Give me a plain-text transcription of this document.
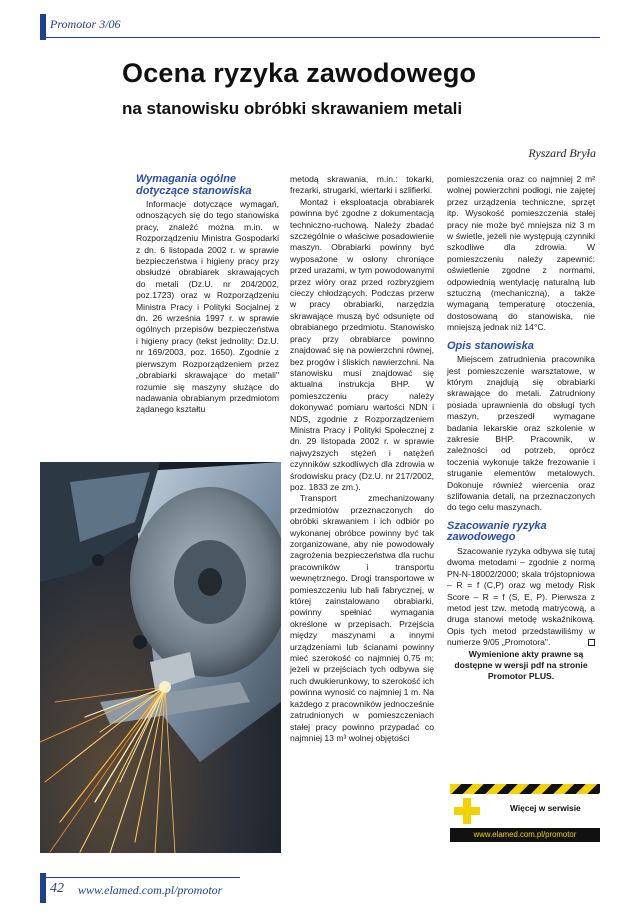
Promotor 3/06
Ocena ryzyka zawodowego
na stanowisku obróbki skrawaniem metali
Ryszard Bryła
Wymagania ogólne dotyczące stanowiska

Informacje dotyczące wymagań, odnoszących się do tego stanowiska pracy, znaleźć można m.in. w Rozporządzeniu Ministra Gospodarki z dn. 6 listopada 2002 r. w sprawie bezpieczeństwa i higieny pracy przy obsłudze obrabiarek skrawających do metali (Dz.U. nr 204/2002, poz.1723) oraz w Rozporządzeniu Ministra Pracy i Polityki Socjalnej z dn. 26 września 1997 r. w sprawie ogólnych przepisów bezpieczeństwa i higieny pracy (tekst jednolity: Dz.U. nr 169/2003, poz. 1650). Zgodnie z pierwszym Rozporządzeniem przez „obrabiarki skrawające do metali" rozumie się maszyny służące do nadawania obrabianym przedmiotom żądanego kształtu

metodą skrawania, m.in.: tokarki, frezarki, strugarki, wiertarki i szlifierki.

Montaż i eksploatacja obrabiarek powinna być zgodne z dokumentacją techniczno-ruchową. Należy zbadać szczególnie o właściwe posadowienie maszyn. Obrabiarki powinny być wyposażone w osłony chroniące przed urazami, w tym powodowanymi przez wióry oraz przed rozbryzgiem cieczy chłodzących. Podczas przerw w pracy obrabiarki, narzędzia skrawające muszą być odsunięte od obrabianego przedmiotu. Stanowisko pracy przy obrabiarce powinno znajdować się na powierzchni równej, bez progów i śliskich nawierzchni. Na stanowisku musi znajdować się aktualna instrukcja BHP. W pomieszczeniu pracy należy dokonywać pomiaru wartości NDN i NDS, zgodnie z Rozporządzeniem Ministra Pracy i Polityki Społecznej z dn. 29 listopada 2002 r. w sprawie najwyższych stężeń i natężeń czynników szkodliwych dla zdrowia w środowisku pracy (Dz.U. nr 217/2002, poz. 1833 ze zm.).

Transport zmechanizowany przedmiotów przeznaczonych do obróbki skrawaniem i ich odbiór po wykonanej obróbce powinny być tak zorganizowane, aby nie powodowały zagrożenia bezpieczeństwa dla ruchu pracowników i transportu wewnętrznego. Drogi transportowe w pomieszczeniu lub hali fabrycznej, w której zainstalowano obrabiarki, powinny spełniać wymagania określone w przepisach. Przejścia między maszynami a innymi urządzeniami lub ścianami powinny mieć szerokość co najmniej 0,75 m; jeżeli w przejściach tych odbywa się ruch dwukierunkowy, to szerokość ich powinna wynosić co najmniej 1 m. Na każdego z pracowników jednocześnie zatrudnionych w pomieszczeniach stałej pracy powinno przypadać co najmniej 13 m³ wolnej objętości

pomieszczenia oraz co najmniej 2 m² wolnej powierzchni podłogi, nie zajętej przez urządzenia techniczne, sprzęt itp. Wysokość pomieszczenia stałej pracy nie może być mniejsza niż 3 m w świetle, jeżeli nie występują czynniki szkodliwe dla zdrowia. W pomieszczeniu należy zapewnić: oświetlenie zgodne z normami, odpowiednią wentylację naturalną lub sztuczną (mechaniczną), a także wymaganą temperaturę otoczenia, dostosowaną do stanowiska, nie mniejszą jednak niż 14°C.

Opis stanowiska

Miejscem zatrudnienia pracownika jest pomieszczenie warsztatowe, w którym znajdują się obrabiarki skrawające do metali. Zatrudniony posiada uprawnienia do obsługi tych maszyn, przeszedł wymagane badania lekarskie oraz szkolenie w zakresie BHP. Pracownik, w zależności od potrzeb, oprócz toczenia wykonuje także frezowanie i struganie elementów metalowych. Dokonuje również wiercenia oraz szlifowania detali, na przeznaczonych do tego celu maszynach.

Szacowanie ryzyka zawodowego

Szacowanie ryzyka odbywa się tutaj dwoma metodami – zgodnie z normą PN-N-18002/2000; skala trójstopniowa – R = f (C,P) oraz wg metody Risk Score – R = f (S, E, P). Pierwsza z metod jest tzw. metodą matrycową, a druga stanowi metodę wskaźnikową. Opis tych metod przedstawiliśmy w numerze 9/05 „Promotora".

Wymienione akty prawne są dostępne w wersji pdf na stronie Promotor PLUS.

Więcej w serwisie
www.elamed.com.pl/promotor
42 www.elamed.com.pl/promotor
